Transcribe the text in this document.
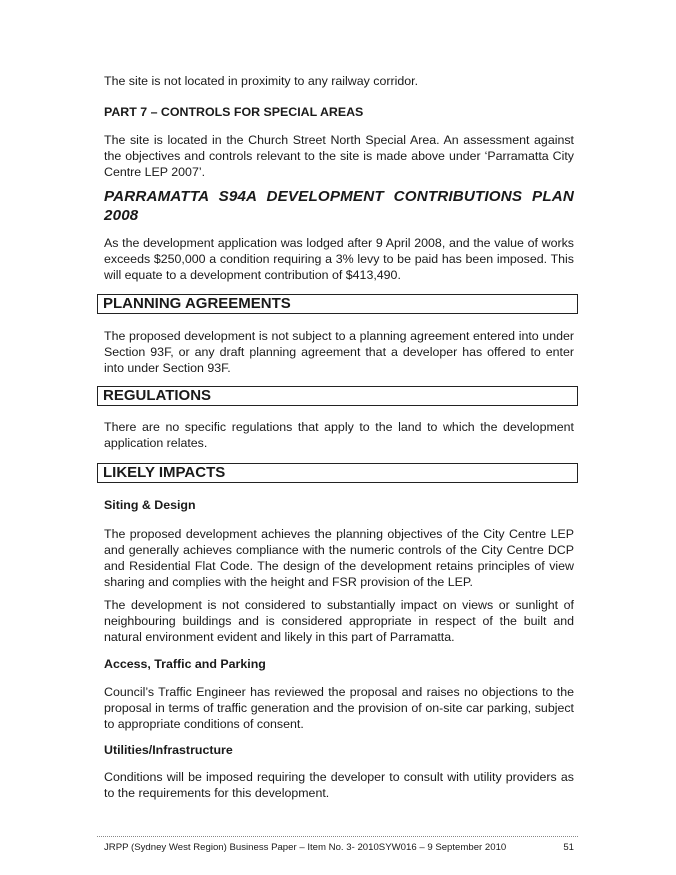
The site is not located in proximity to any railway corridor.

PART 7 – CONTROLS FOR SPECIAL AREAS

The site is located in the Church Street North Special Area. An assessment against the objectives and controls relevant to the site is made above under ‘Parramatta City Centre LEP 2007’.

PARRAMATTA S94A DEVELOPMENT CONTRIBUTIONS PLAN

2008

As the development application was lodged after 9 April 2008, and the value of works exceeds $250,000 a condition requiring a 3% levy to be paid has been imposed. This will equate to a development contribution of $413,490.

PLANNING AGREEMENTS

The proposed development is not subject to a planning agreement entered into under Section 93F, or any draft planning agreement that a developer has offered to enter into under Section 93F.

REGULATIONS

There are no specific regulations that apply to the land to which the development application relates.

LIKELY IMPACTS

Siting & Design

The proposed development achieves the planning objectives of the City Centre LEP and generally achieves compliance with the numeric controls of the City Centre DCP and Residential Flat Code. The design of the development retains principles of view sharing and complies with the height and FSR provision of the LEP.

The development is not considered to substantially impact on views or sunlight of neighbouring buildings and is considered appropriate in respect of the built and natural environment evident and likely in this part of Parramatta.

Access, Traffic and Parking

Council’s Traffic Engineer has reviewed the proposal and raises no objections to the proposal in terms of traffic generation and the provision of on-site car parking, subject to appropriate conditions of consent.

Utilities/Infrastructure

Conditions will be imposed requiring the developer to consult with utility providers as to the requirements for this development.

JRPP (Sydney West Region) Business Paper – Item No. 3- 2010SYW016 – 9 September 2010	51
